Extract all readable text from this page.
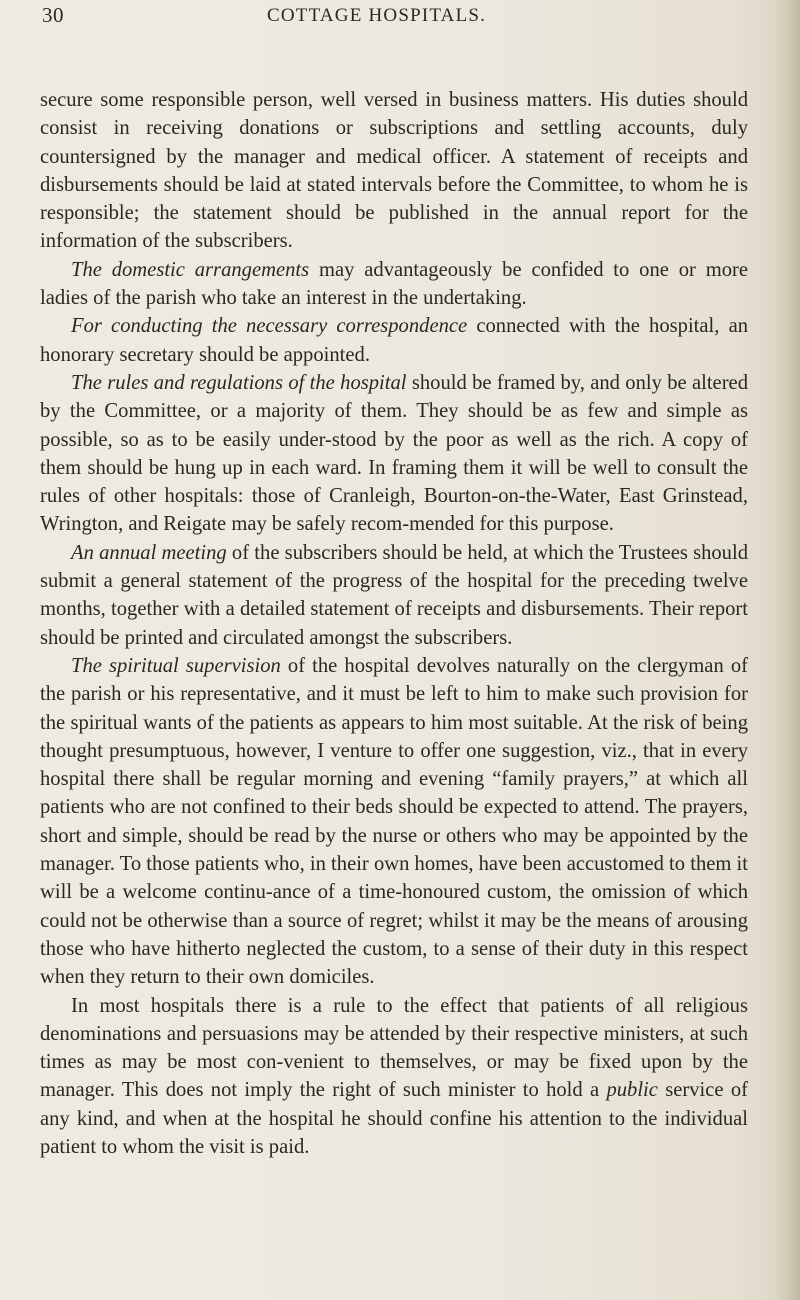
30	COTTAGE HOSPITALS.

secure some responsible person, well versed in business matters. His duties should consist in receiving donations or subscriptions and settling accounts, duly countersigned by the manager and medical officer. A statement of receipts and disbursements should be laid at stated intervals before the Committee, to whom he is responsible; the statement should be published in the annual report for the information of the subscribers.

The domestic arrangements may advantageously be confided to one or more ladies of the parish who take an interest in the undertaking.

For conducting the necessary correspondence connected with the hospital, an honorary secretary should be appointed.

The rules and regulations of the hospital should be framed by, and only be altered by the Committee, or a majority of them. They should be as few and simple as possible, so as to be easily under-stood by the poor as well as the rich. A copy of them should be hung up in each ward. In framing them it will be well to consult the rules of other hospitals: those of Cranleigh, Bourton-on-the-Water, East Grinstead, Wrington, and Reigate may be safely recom-mended for this purpose.

An annual meeting of the subscribers should be held, at which the Trustees should submit a general statement of the progress of the hospital for the preceding twelve months, together with a detailed statement of receipts and disbursements. Their report should be printed and circulated amongst the subscribers.

The spiritual supervision of the hospital devolves naturally on the clergyman of the parish or his representative, and it must be left to him to make such provision for the spiritual wants of the patients as appears to him most suitable. At the risk of being thought presumptuous, however, I venture to offer one suggestion, viz., that in every hospital there shall be regular morning and evening “family prayers,” at which all patients who are not confined to their beds should be expected to attend. The prayers, short and simple, should be read by the nurse or others who may be appointed by the manager. To those patients who, in their own homes, have been accustomed to them it will be a welcome continu-ance of a time-honoured custom, the omission of which could not be otherwise than a source of regret; whilst it may be the means of arousing those who have hitherto neglected the custom, to a sense of their duty in this respect when they return to their own domiciles.

In most hospitals there is a rule to the effect that patients of all religious denominations and persuasions may be attended by their respective ministers, at such times as may be most con-venient to themselves, or may be fixed upon by the manager. This does not imply the right of such minister to hold a public service of any kind, and when at the hospital he should confine his attention to the individual patient to whom the visit is paid.
